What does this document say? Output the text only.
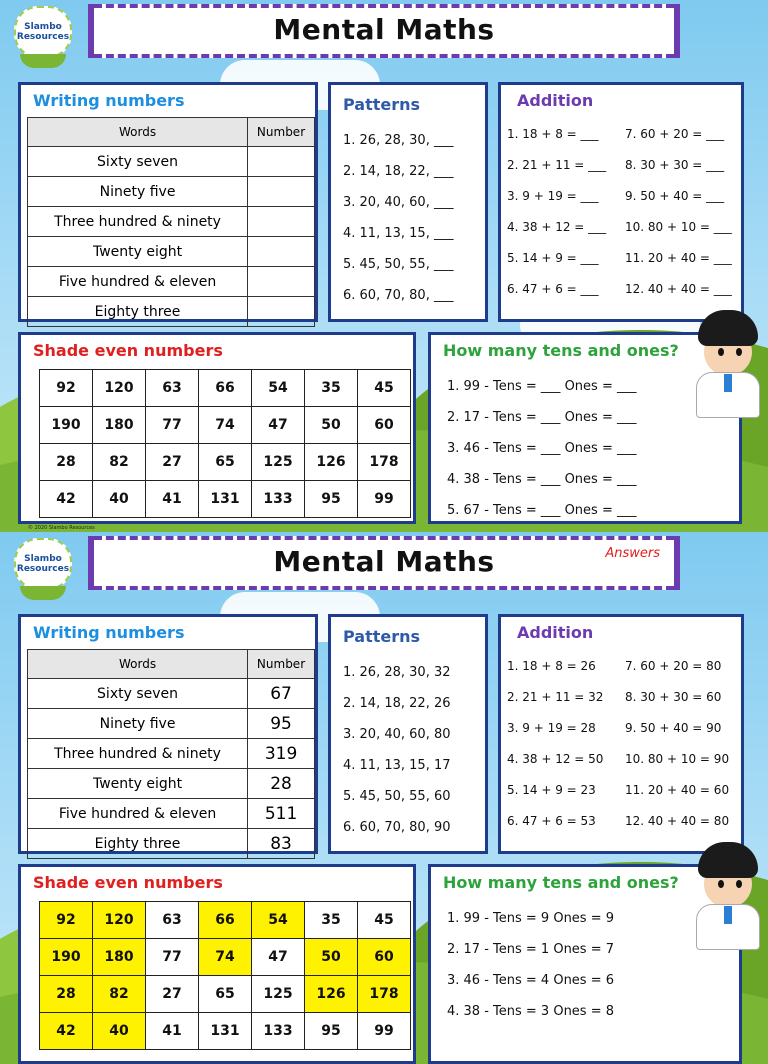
Slambo Resources	Mental Maths
Writing numbers
Words	Number
Sixty seven	
Ninety five	
Three hundred & ninety	
Twenty eight	
Five hundred & eleven	
Eighty three	
Patterns
1. 26, 28, 30, ___
2. 14, 18, 22, ___
3. 20, 40, 60, ___
4. 11, 13, 15, ___
5. 45, 50, 55, ___
6. 60, 70, 80, ___
Addition
1. 18 + 8 = ___
2. 21 + 11 = ___
3. 9 + 19 = ___
4. 38 + 12 = ___
5. 14 + 9 = ___
6. 47 + 6 = ___
7. 60 + 20 = ___
8. 30 + 30 = ___
9. 50 + 40 = ___
10. 80 + 10 = ___
11. 20 + 40 = ___
12. 40 + 40 = ___
Shade even numbers
92	120	63	66	54	35	45
190	180	77	74	47	50	60
28	82	27	65	125	126	178
42	40	41	131	133	95	99
How many tens and ones?
1. 99 - Tens = ___ Ones = ___
2. 17 - Tens = ___ Ones = ___
3. 46 - Tens = ___ Ones = ___
4. 38 - Tens = ___ Ones = ___
5. 67 - Tens = ___ Ones = ___
© 2020 Slambo Resources
Slambo Resources	Mental Maths	Answers
Writing numbers
Words	Number
Sixty seven	67
Ninety five	95
Three hundred & ninety	319
Twenty eight	28
Five hundred & eleven	511
Eighty three	83
Patterns
1. 26, 28, 30, 32
2. 14, 18, 22, 26
3. 20, 40, 60, 80
4. 11, 13, 15, 17
5. 45, 50, 55, 60
6. 60, 70, 80, 90
Addition
1. 18 + 8 = 26
2. 21 + 11 = 32
3. 9 + 19 = 28
4. 38 + 12 = 50
5. 14 + 9 = 23
6. 47 + 6 = 53
7. 60 + 20 = 80
8. 30 + 30 = 60
9. 50 + 40 = 90
10. 80 + 10 = 90
11. 20 + 40 = 60
12. 40 + 40 = 80
Shade even numbers
92	120	63	66	54	35	45
190	180	77	74	47	50	60
28	82	27	65	125	126	178
42	40	41	131	133	95	99
How many tens and ones?
1. 99 - Tens = 9 Ones = 9
2. 17 - Tens = 1 Ones = 7
3. 46 - Tens = 4 Ones = 6
4. 38 - Tens = 3 Ones = 8
